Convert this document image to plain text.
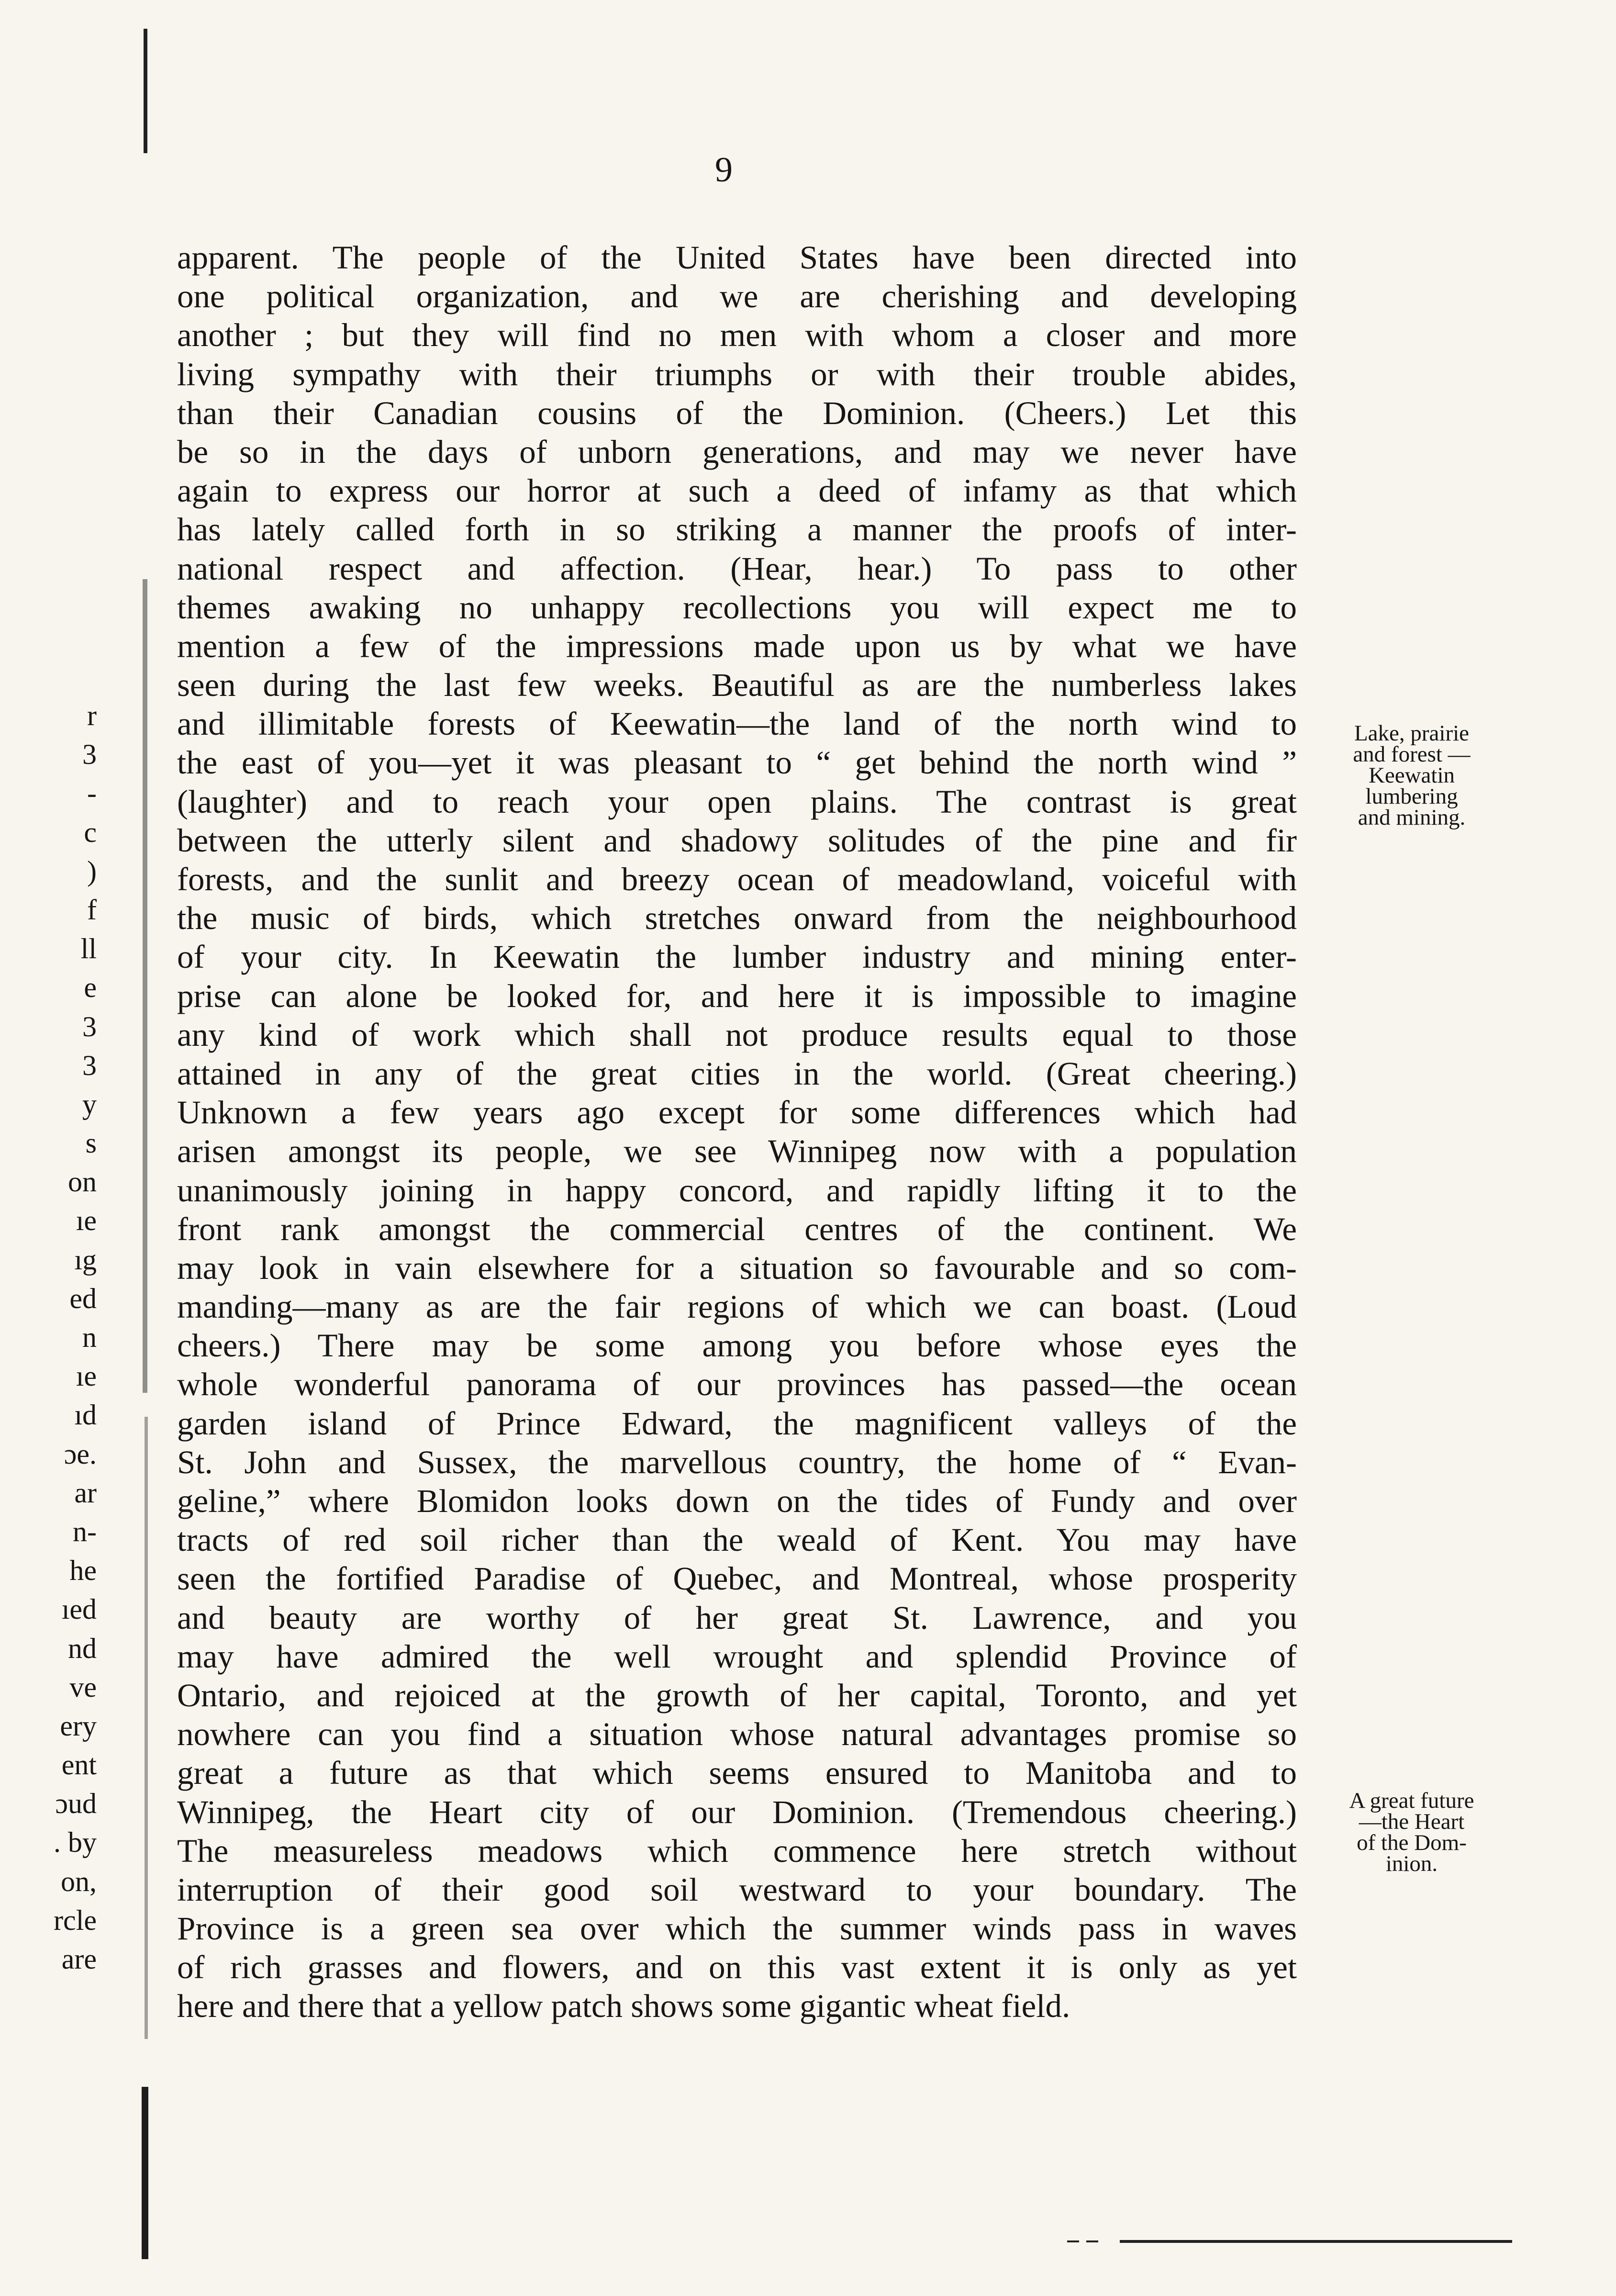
r
3
-
c
)
f
ll
e
3
3
y
s
on
ıe
ıg
ed
n
ıe
ıd
ɔe.
ar
n-
he
ıed
nd
ve
ery
ent
ɔud
. by
on,
rcle
are
9
apparent. The people of the United States have been directed into
one political organization, and we are cherishing and developing
another ; but they will find no men with whom a closer and more
living sympathy with their triumphs or with their trouble abides,
than their Canadian cousins of the Dominion. (Cheers.) Let this
be so in the days of unborn generations, and may we never have
again to express our horror at such a deed of infamy as that which
has lately called forth in so striking a manner the proofs of inter-
national respect and affection. (Hear, hear.) To pass to other
themes awaking no unhappy recollections you will expect me to
mention a few of the impressions made upon us by what we have
seen during the last few weeks. Beautiful as are the numberless lakes
and illimitable forests of Keewatin—the land of the north wind to
the east of you—yet it was pleasant to “ get behind the north wind ”
(laughter) and to reach your open plains. The contrast is great
between the utterly silent and shadowy solitudes of the pine and fir
forests, and the sunlit and breezy ocean of meadowland, voiceful with
the music of birds, which stretches onward from the neighbourhood
of your city. In Keewatin the lumber industry and mining enter-
prise can alone be looked for, and here it is impossible to imagine
any kind of work which shall not produce results equal to those
attained in any of the great cities in the world. (Great cheering.)
Unknown a few years ago except for some differences which had
arisen amongst its people, we see Winnipeg now with a population
unanimously joining in happy concord, and rapidly lifting it to the
front rank amongst the commercial centres of the continent. We
may look in vain elsewhere for a situation so favourable and so com-
manding—many as are the fair regions of which we can boast. (Loud
cheers.) There may be some among you before whose eyes the
whole wonderful panorama of our provinces has passed—the ocean
garden island of Prince Edward, the magnificent valleys of the
St. John and Sussex, the marvellous country, the home of “ Evan-
geline,” where Blomidon looks down on the tides of Fundy and over
tracts of red soil richer than the weald of Kent. You may have
seen the fortified Paradise of Quebec, and Montreal, whose prosperity
and beauty are worthy of her great St. Lawrence, and you
may have admired the well wrought and splendid Province of
Ontario, and rejoiced at the growth of her capital, Toronto, and yet
nowhere can you find a situation whose natural advantages promise so
great a future as that which seems ensured to Manitoba and to
Winnipeg, the Heart city of our Dominion. (Tremendous cheering.)
The measureless meadows which commence here stretch without
interruption of their good soil westward to your boundary. The
Province is a green sea over which the summer winds pass in waves
of rich grasses and flowers, and on this vast extent it is only as yet
here and there that a yellow patch shows some gigantic wheat field.
Lake, prairie
and forest —
Keewatin
lumbering
and mining.
A great future
—the Heart
of the Dom-
inion.
